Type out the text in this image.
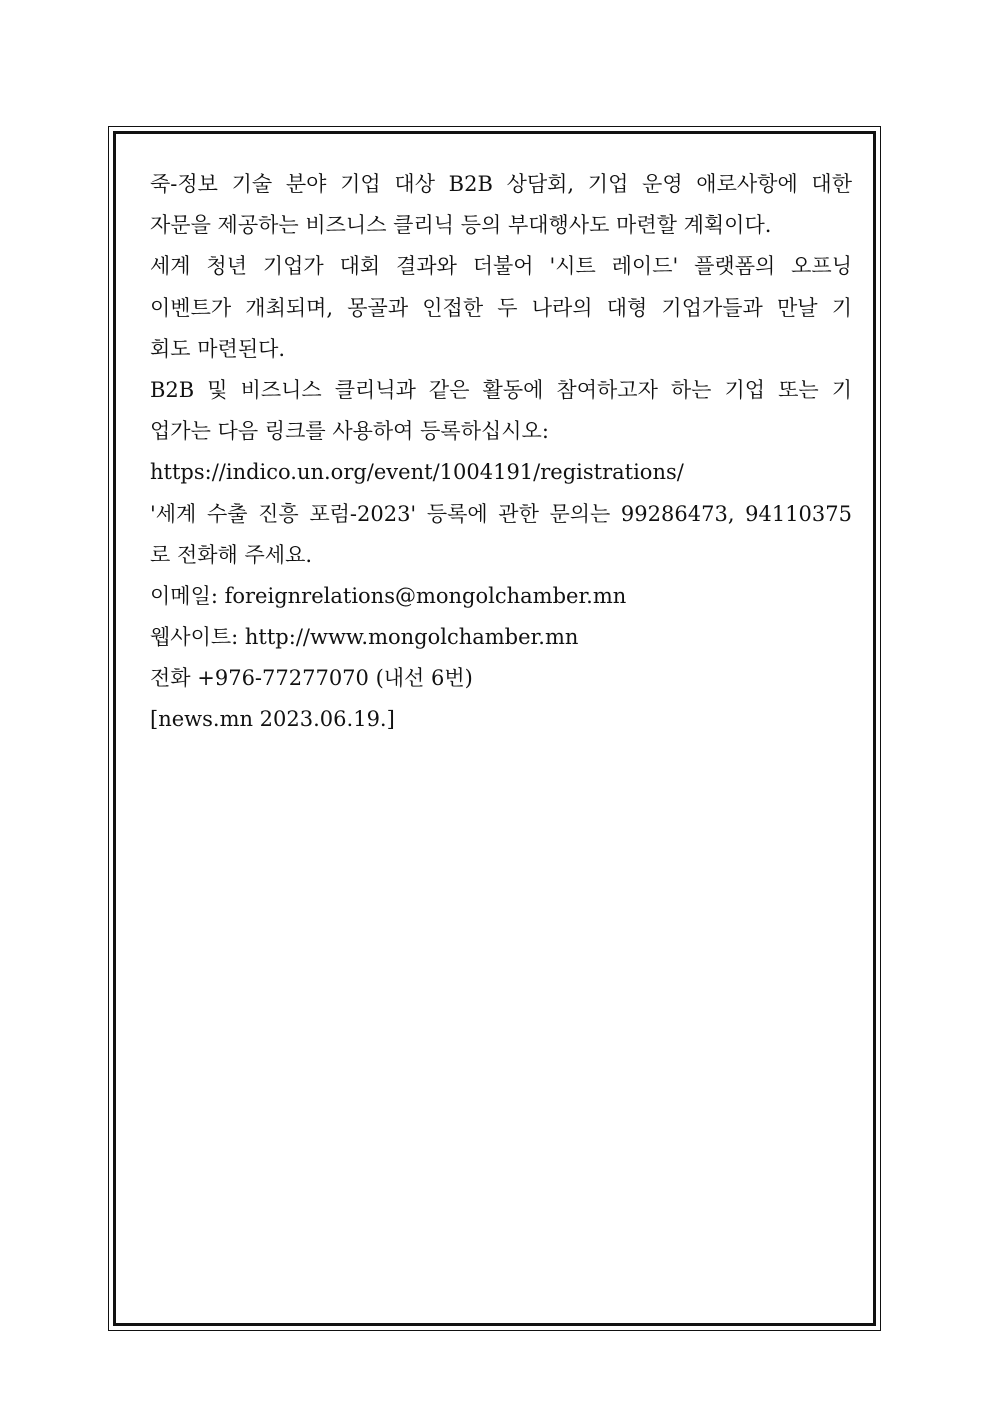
죽-정보 기술 분야 기업 대상 B2B 상담회, 기업 운영 애로사항에 대한
자문을 제공하는 비즈니스 클리닉 등의 부대행사도 마련할 계획이다.
세계 청년 기업가 대회 결과와 더불어 '시트 레이드' 플랫폼의 오프닝
이벤트가 개최되며, 몽골과 인접한 두 나라의 대형 기업가들과 만날 기
회도 마련된다.
B2B 및 비즈니스 클리닉과 같은 활동에 참여하고자 하는 기업 또는 기
업가는 다음 링크를 사용하여 등록하십시오:
https://indico.un.org/event/1004191/registrations/
'세계 수출 진흥 포럼-2023' 등록에 관한 문의는 99286473, 94110375
로 전화해 주세요.
이메일: foreignrelations@mongolchamber.mn
웹사이트: http://www.mongolchamber.mn
전화 +976-77277070 (내선 6번)
[news.mn 2023.06.19.]
